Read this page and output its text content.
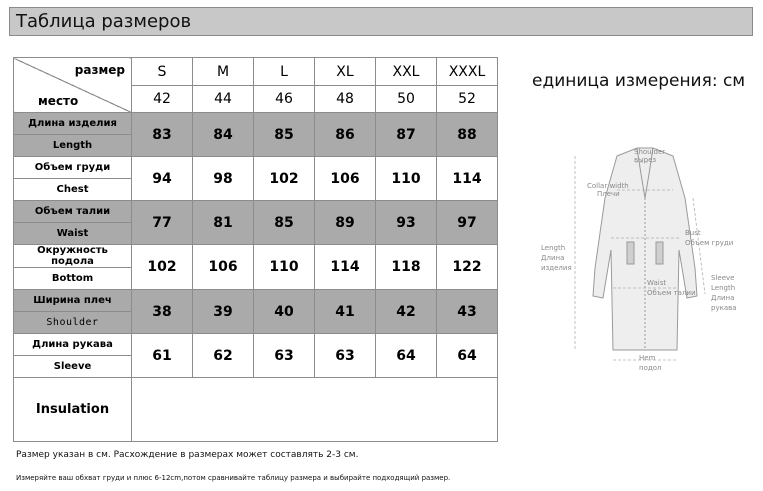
Таблица размеров
размер
место	S	M	L	XL	XXL	XXXL
	42	44	46	48	50	52
Длина изделия	83	84	85	86	87	88
Length						
Объем груди	94	98	102	106	110	114
Chest						
Объем талии	77	81	85	89	93	97
Waist						
Окружность подола	102	106	110	114	118	122
Bottom						
Ширина плеч	38	39	40	41	42	43
Shoulder						
Длина рукава	61	62	63	63	64	64
Sleeve						
Insulation						
единица измерения: см
Shoulder
вырез
Collar width
Плечи
Length
Длина
изделия
Bust
Объем груди
Sleeve
Length
Длина
рукава
Waist
Объем талии
Hem
подол
Размер указан в см. Расхождение в размерах может составлять 2-3 см.
Измеряйте ваш обхват груди и плюс 6-12cm,потом сравнивайте таблицу размера и выбирайте подходящий размер.
